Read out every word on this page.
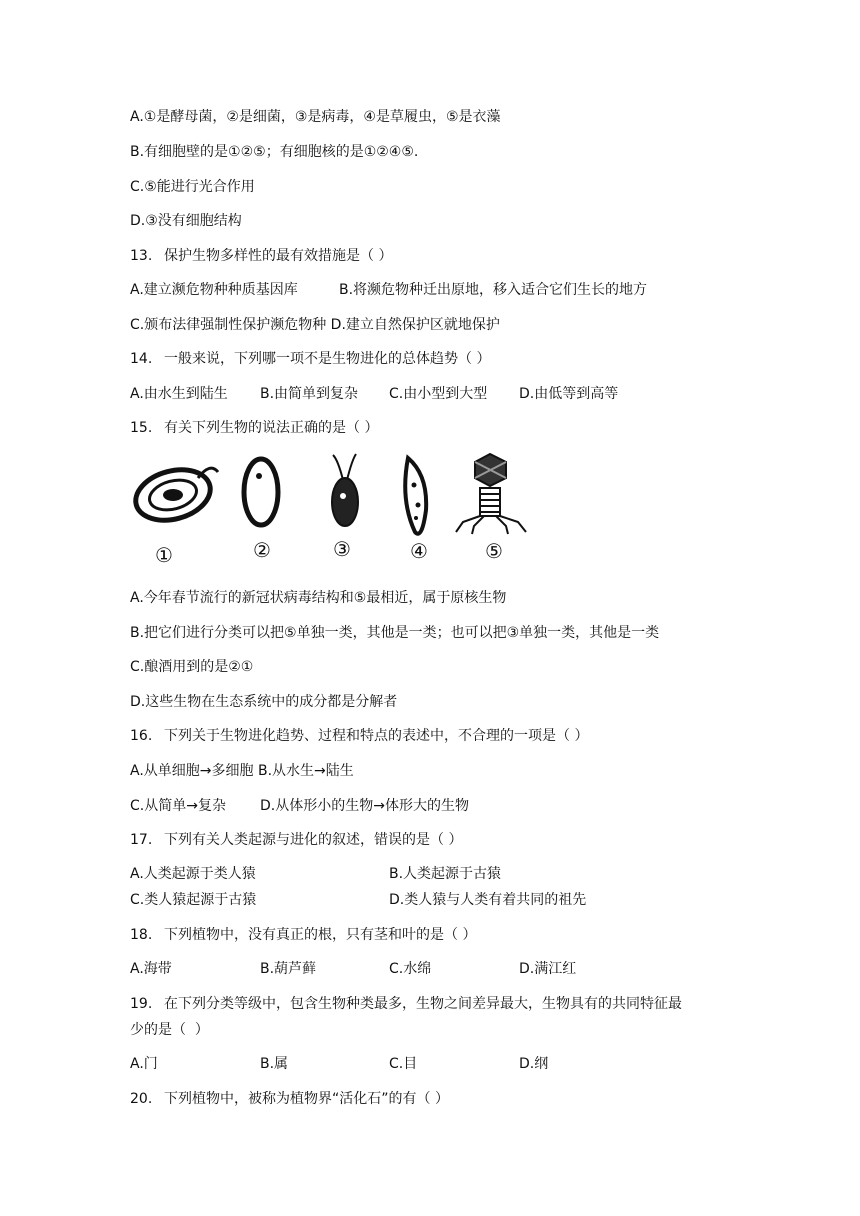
A.①是酵母菌，②是细菌，③是病毒，④是草履虫，⑤是衣藻
B.有细胞壁的是①②⑤；有细胞核的是①②④⑤.
C.⑤能进行光合作用
D.③没有细胞结构
13. 保护生物多样性的最有效措施是（ ）
A.建立濒危物种种质基因库	B.将濒危物种迁出原地，移入适合它们生长的地方
C.颁布法律强制性保护濒危物种 D.建立自然保护区就地保护
14. 一般来说，下列哪一项不是生物进化的总体趋势（ ）
A.由水生到陆生 B.由简单到复杂 C.由小型到大型 D.由低等到高等
15. 有关下列生物的说法正确的是（ ）
①	②	③	④	⑤
A.今年春节流行的新冠状病毒结构和⑤最相近，属于原核生物
B.把它们进行分类可以把⑤单独一类，其他是一类；也可以把③单独一类，其他是一类
C.酿酒用到的是②①
D.这些生物在生态系统中的成分都是分解者
16. 下列关于生物进化趋势、过程和特点的表述中，不合理的一项是（ ）
A.从单细胞→多细胞 B.从水生→陆生
C.从简单→复杂 D.从体形小的生物→体形大的生物
17. 下列有关人类起源与进化的叙述，错误的是（ ）
A.人类起源于类人猿	B.人类起源于古猿
C.类人猿起源于古猿	D.类人猿与人类有着共同的祖先
18. 下列植物中，没有真正的根，只有茎和叶的是（ ）
A.海带	B.葫芦藓	C.水绵	D.满江红
19. 在下列分类等级中，包含生物种类最多，生物之间差异最大，生物具有的共同特征最
少的是（  ）
A.门	B.属	C.目	D.纲
20. 下列植物中，被称为植物界“活化石”的有（ ）
